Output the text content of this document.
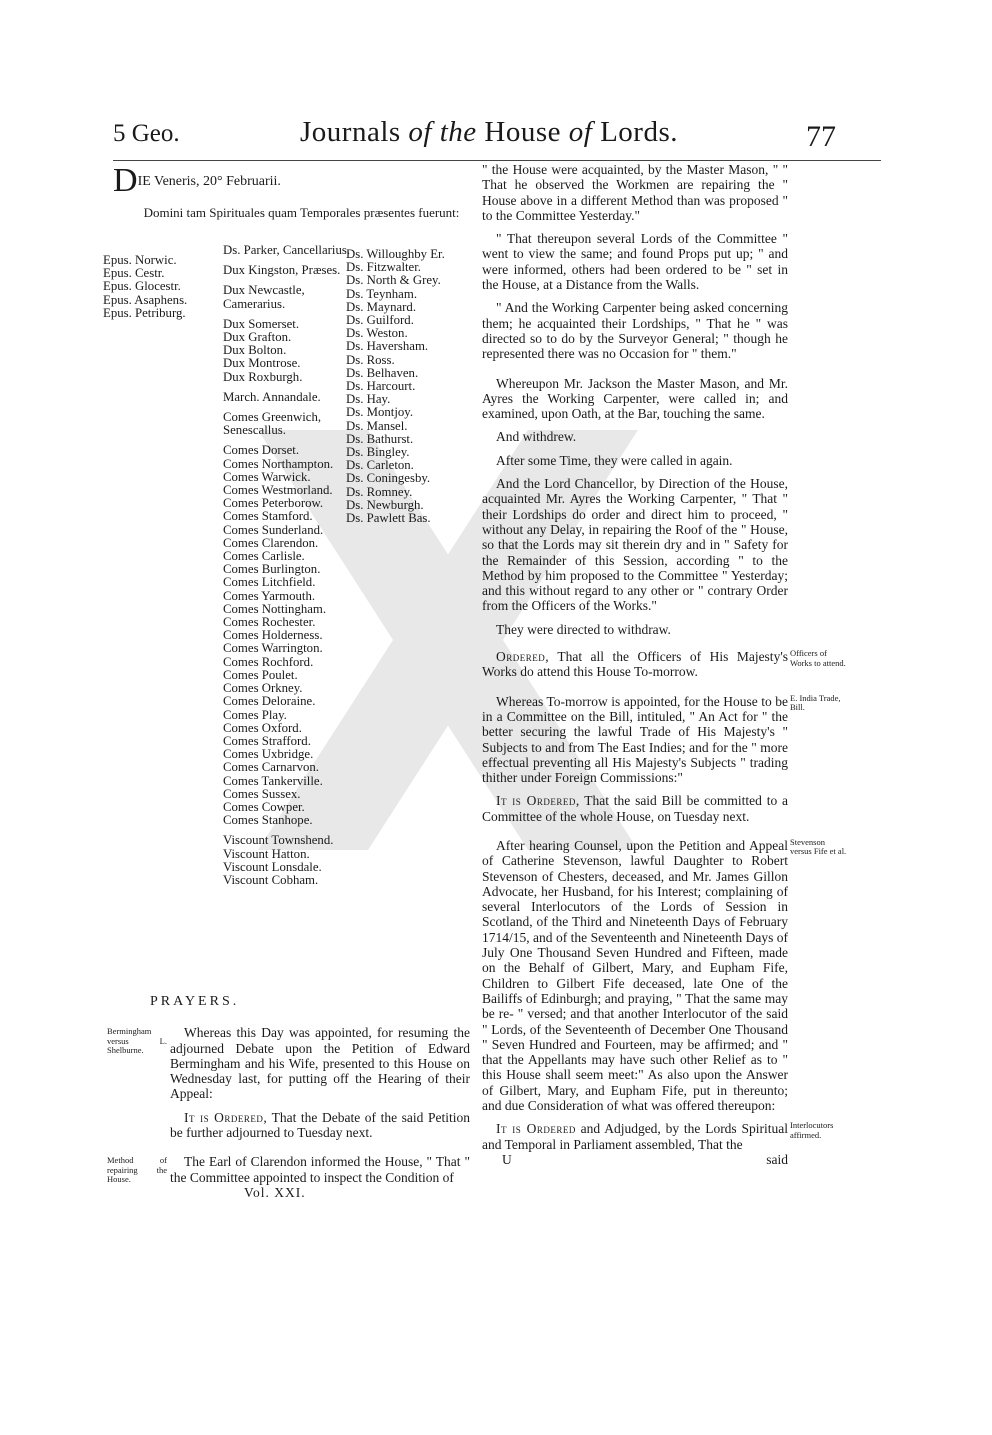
5 Geo.	Journals of the House of Lords.	77
DIE Veneris, 20° Februarii.
Domini tam Spirituales quam Temporales præsentes fuerunt:
Epus. Norwic.
Epus. Cestr.
Epus. Glocestr.
Epus. Asaphens.
Epus. Petriburg.
Ds. Parker, Cancellarius.
Dux Kingston, Præses.
Dux Newcastle, Camerarius.
Dux Somerset.
Dux Grafton.
Dux Bolton.
Dux Montrose.
Dux Roxburgh.
March. Annandale.
Comes Greenwich, Senescallus.
Comes Dorset.
Comes Northampton.
Comes Warwick.
Comes Westmorland.
Comes Peterborow.
Comes Stamford.
Comes Sunderland.
Comes Clarendon.
Comes Carlisle.
Comes Burlington.
Comes Litchfield.
Comes Yarmouth.
Comes Nottingham.
Comes Rochester.
Comes Holderness.
Comes Warrington.
Comes Rochford.
Comes Poulet.
Comes Orkney.
Comes Deloraine.
Comes Play.
Comes Oxford.
Comes Strafford.
Comes Uxbridge.
Comes Carnarvon.
Comes Tankerville.
Comes Sussex.
Comes Cowper.
Comes Stanhope.
Viscount Townshend.
Viscount Hatton.
Viscount Lonsdale.
Viscount Cobham.
Ds. Willoughby Er.
Ds. Fitzwalter.
Ds. North & Grey.
Ds. Teynham.
Ds. Maynard.
Ds. Guilford.
Ds. Weston.
Ds. Haversham.
Ds. Ross.
Ds. Belhaven.
Ds. Harcourt.
Ds. Hay.
Ds. Montjoy.
Ds. Mansel.
Ds. Bathurst.
Ds. Bingley.
Ds. Carleton.
Ds. Coningesby.
Ds. Romney.
Ds. Newburgh.
Ds. Pawlett Bas.
PRAYERS.
Bermingham versus L. Shelburne.

Whereas this Day was appointed, for resuming the adjourned Debate upon the Petition of Edward Bermingham and his Wife, presented to this House on Wednesday last, for putting off the Hearing of their Appeal:

It is Ordered, That the Debate of the said Petition be further adjourned to Tuesday next.

Method of repairing the House.

The Earl of Clarendon informed the House, " That " the Committee appointed to inspect the Condition of

Vol. XXI.

" the House were acquainted, by the Master Mason, " " That he observed the Workmen are repairing the " House above in a different Method than was proposed " to the Committee Yesterday."

" That thereupon several Lords of the Committee " went to view the same; and found Props put up; " and were informed, others had been ordered to be " set in the House, at a Distance from the Walls.

" And the Working Carpenter being asked concerning them; he acquainted their Lordships, " That he " was directed so to do by the Surveyor General; " though he represented there was no Occasion for " them."

Whereupon Mr. Jackson the Master Mason, and Mr. Ayres the Working Carpenter, were called in; and examined, upon Oath, at the Bar, touching the same.

And withdrew.

After some Time, they were called in again.

And the Lord Chancellor, by Direction of the House, acquainted Mr. Ayres the Working Carpenter, " That " their Lordships do order and direct him to proceed, " without any Delay, in repairing the Roof of the " House, so that the Lords may sit therein dry and in " Safety for the Remainder of this Session, according " to the Method by him proposed to the Committee " Yesterday; and this without regard to any other or " contrary Order from the Officers of the Works."

They were directed to withdraw.

Officers of Works to attend.

Ordered, That all the Officers of His Majesty's Works do attend this House To-morrow.

E. India Trade, Bill.

Whereas To-morrow is appointed, for the House to be in a Committee on the Bill, intituled, " An Act for " the better securing the lawful Trade of His Majesty's " Subjects to and from The East Indies; and for the " more effectual preventing all His Majesty's Subjects " trading thither under Foreign Commissions:"

It is Ordered, That the said Bill be committed to a Committee of the whole House, on Tuesday next.

Stevenson versus Fife et al.

After hearing Counsel, upon the Petition and Appeal of Catherine Stevenson, lawful Daughter to Robert Stevenson of Chesters, deceased, and Mr. James Gillon Advocate, her Husband, for his Interest; complaining of several Interlocutors of the Lords of Session in Scotland, of the Third and Nineteenth Days of February 1714/15, and of the Seventeenth and Nineteenth Days of July One Thousand Seven Hundred and Fifteen, made on the Behalf of Gilbert, Mary, and Eupham Fife, Children to Gilbert Fife deceased, late One of the Bailiffs of Edinburgh; and praying, " That the same may be re- " versed; and that another Interlocutor of the said " Lords, of the Seventeenth of December One Thousand " Seven Hundred and Fourteen, may be affirmed; and " that the Appellants may have such other Relief as to " this House shall seem meet:" As also upon the Answer of Gilbert, Mary, and Eupham Fife, put in thereunto; and due Consideration of what was offered thereupon:

Interlocutors affirmed.

It is Ordered and Adjudged, by the Lords Spiritual and Temporal in Parliament assembled, That the

U	said
